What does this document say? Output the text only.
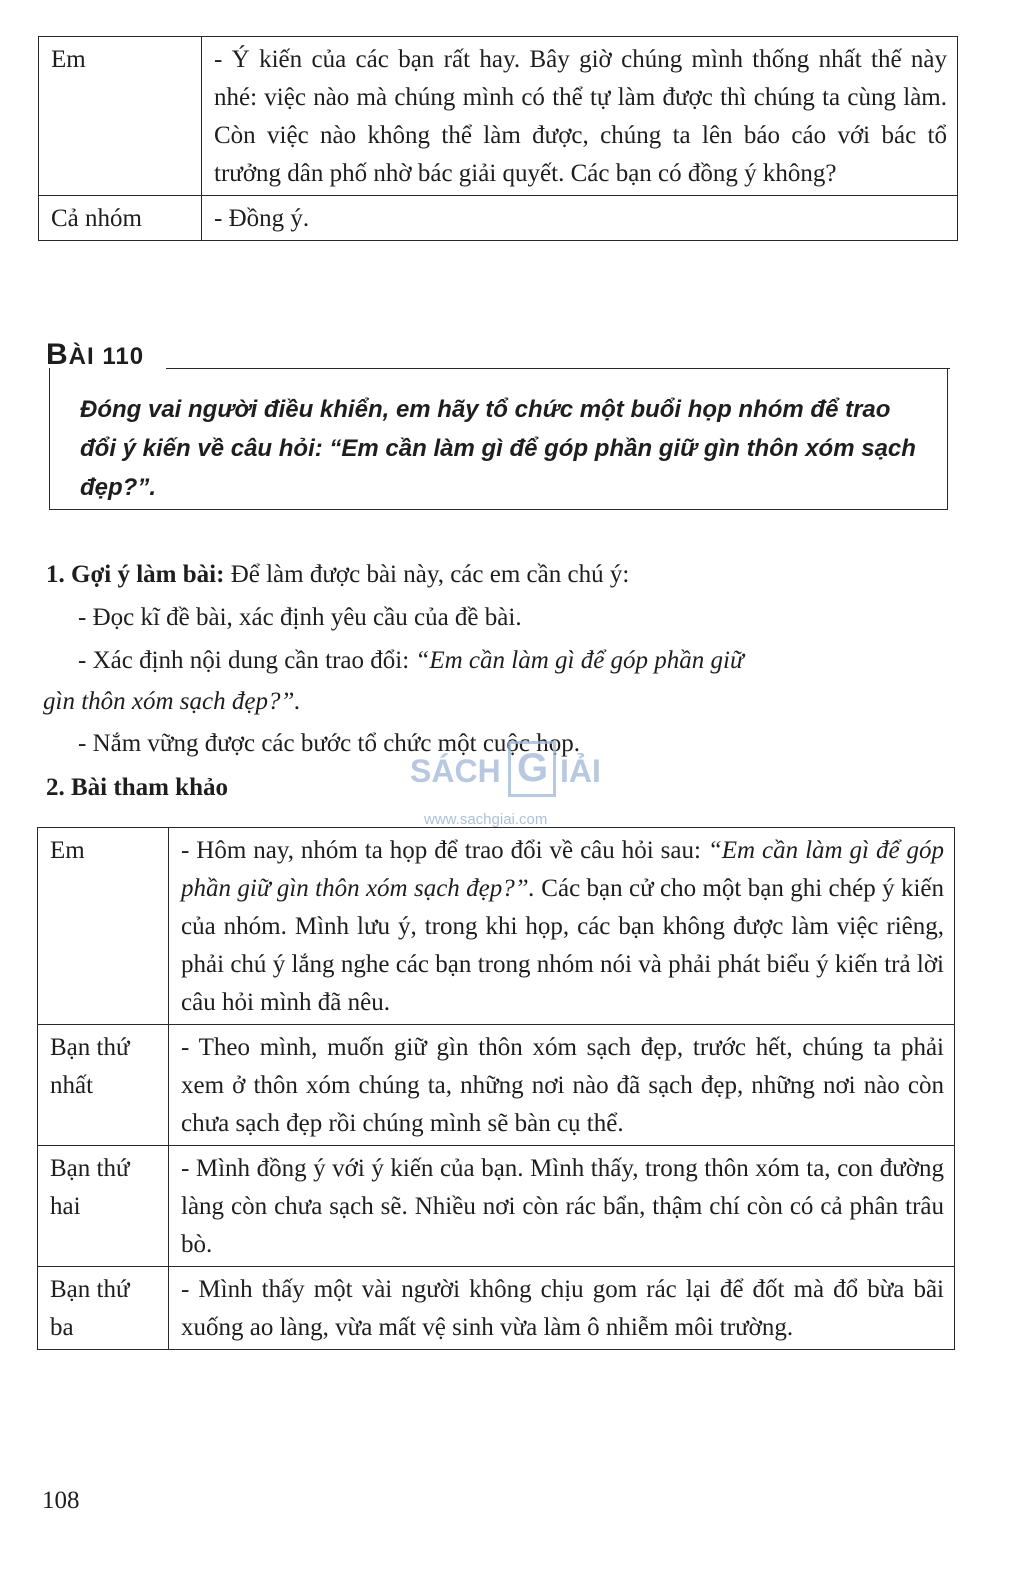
Em	- Ý kiến của các bạn rất hay. Bây giờ chúng mình thống nhất thế này nhé: việc nào mà chúng mình có thể tự làm được thì chúng ta cùng làm. Còn việc nào không thể làm được, chúng ta lên báo cáo với bác tổ trưởng dân phố nhờ bác giải quyết. Các bạn có đồng ý không?
Cả nhóm	- Đồng ý.
BÀI 110
Đóng vai người điều khiển, em hãy tổ chức một buổi họp nhóm để trao đổi ý kiến về câu hỏi: “Em cần làm gì để góp phần giữ gìn thôn xóm sạch đẹp?”.
1. Gợi ý làm bài: Để làm được bài này, các em cần chú ý:
- Đọc kĩ đề bài, xác định yêu cầu của đề bài.
- Xác định nội dung cần trao đổi: “Em cần làm gì để góp phần giữ
gìn thôn xóm sạch đẹp?”.
- Nắm vững được các bước tổ chức một cuộc họp.
2. Bài tham khảo	SÁCH G IẢI
www.sachgiai.com
Em	- Hôm nay, nhóm ta họp để trao đổi về câu hỏi sau: “Em cần làm gì để góp phần giữ gìn thôn xóm sạch đẹp?”. Các bạn cử cho một bạn ghi chép ý kiến của nhóm. Mình lưu ý, trong khi họp, các bạn không được làm việc riêng, phải chú ý lắng nghe các bạn trong nhóm nói và phải phát biểu ý kiến trả lời câu hỏi mình đã nêu.
Bạn thứ nhất	- Theo mình, muốn giữ gìn thôn xóm sạch đẹp, trước hết, chúng ta phải xem ở thôn xóm chúng ta, những nơi nào đã sạch đẹp, những nơi nào còn chưa sạch đẹp rồi chúng mình sẽ bàn cụ thể.
Bạn thứ hai	- Mình đồng ý với ý kiến của bạn. Mình thấy, trong thôn xóm ta, con đường làng còn chưa sạch sẽ. Nhiều nơi còn rác bẩn, thậm chí còn có cả phân trâu bò.
Bạn thứ ba	- Mình thấy một vài người không chịu gom rác lại để đốt mà đổ bừa bãi xuống ao làng, vừa mất vệ sinh vừa làm ô nhiễm môi trường.
108
